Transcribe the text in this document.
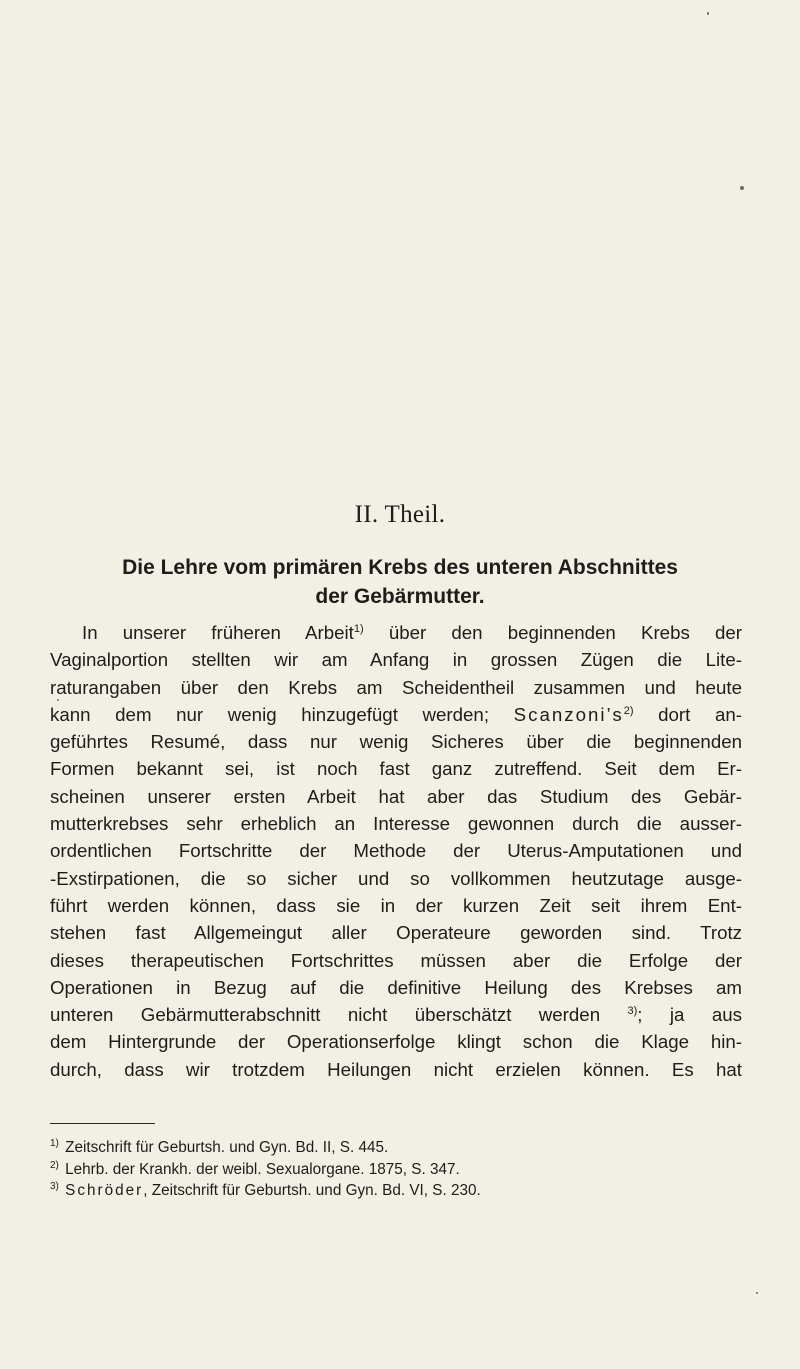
II. Theil.
Die Lehre vom primären Krebs des unteren Abschnittes
der Gebärmutter.
In unserer früheren Arbeit$^{1)}$ über den beginnenden Krebs der
Vaginalportion stellten wir am Anfang in grossen Zügen die Lite-
raturangaben über den Krebs am Scheidentheil zusammen und heute
kann dem nur wenig hinzugefügt werden; Scanzoni’s$^{2)}$ dort an-
geführtes Resumé, dass nur wenig Sicheres über die beginnenden
Formen bekannt sei, ist noch fast ganz zutreffend. Seit dem Er-
scheinen unserer ersten Arbeit hat aber das Studium des Gebär-
mutterkrebses sehr erheblich an Interesse gewonnen durch die ausser-
ordentlichen Fortschritte der Methode der Uterus-Amputationen und
-Exstirpationen, die so sicher und so vollkommen heutzutage ausge-
führt werden können, dass sie in der kurzen Zeit seit ihrem Ent-
stehen fast Allgemeingut aller Operateure geworden sind. Trotz
dieses therapeutischen Fortschrittes müssen aber die Erfolge der
Operationen in Bezug auf die definitive Heilung des Krebses am
unteren Gebärmutterabschnitt nicht überschätzt werden $^{3)}$; ja aus
dem Hintergrunde der Operationserfolge klingt schon die Klage hin-
durch, dass wir trotzdem Heilungen nicht erzielen können. Es hat
$^{1)}$ Zeitschrift für Geburtsh. und Gyn. Bd. II, S. 445.
$^{2)}$ Lehrb. der Krankh. der weibl. Sexualorgane. 1875, S. 347.
$^{3)}$ Schröder, Zeitschrift für Geburtsh. und Gyn. Bd. VI, S. 230.
